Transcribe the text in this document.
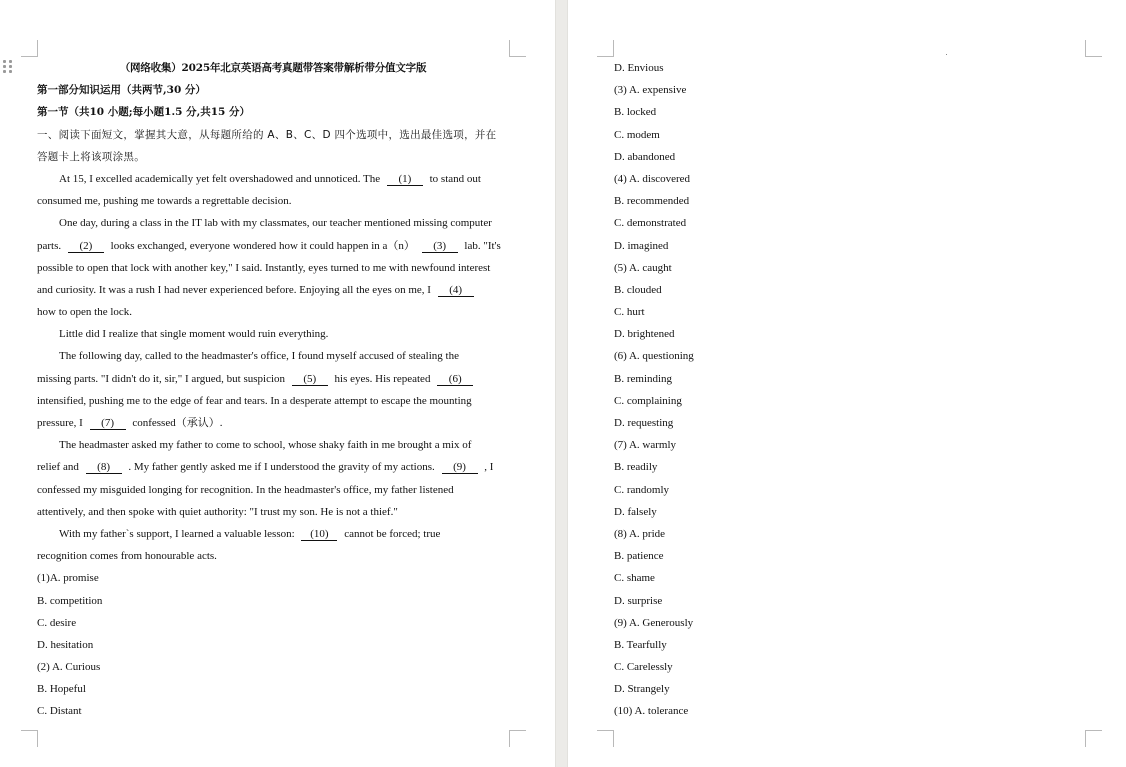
（网络收集）2025年北京英语高考真题带答案带解析带分值文字版
第一部分知识运用（共两节,30 分）
第一节（共10 小题;每小题1.5 分,共15 分）
一、阅读下面短文，掌握其大意，从每题所给的 A、B、C、D 四个选项中，选出最佳选项，并在
答题卡上将该项涂黑。
At 15, I excelled academically yet felt overshadowed and unnoticed. The (1) to stand out
consumed me, pushing me towards a regrettable decision.
One day, during a class in the IT lab with my classmates, our teacher mentioned missing computer
parts. (2) looks exchanged, everyone wondered how it could happen in a（n） (3) lab. "It's
possible to open that lock with another key," I said. Instantly, eyes turned to me with newfound interest
and curiosity. It was a rush I had never experienced before. Enjoying all the eyes on me, I (4)
how to open the lock.
Little did I realize that single moment would ruin everything.
The following day, called to the headmaster's office, I found myself accused of stealing the
missing parts. "I didn't do it, sir," I argued, but suspicion (5) his eyes. His repeated (6)
intensified, pushing me to the edge of fear and tears. In a desperate attempt to escape the mounting
pressure, I (7) confessed（承认）.
The headmaster asked my father to come to school, whose shaky faith in me brought a mix of
relief and (8) . My father gently asked me if I understood the gravity of my actions. (9) , I
confessed my misguided longing for recognition. In the headmaster's office, my father listened
attentively, and then spoke with quiet authority: "I trust my son. He is not a thief."
With my father`s support, I learned a valuable lesson: (10) cannot be forced; true
recognition comes from honourable acts.
(1)A. promise
B. competition
C. desire
D. hesitation
(2) A. Curious
B. Hopeful
C. Distant
D. Envious
(3) A. expensive
B. locked
C. modem
D. abandoned
(4) A. discovered
B. recommended
C. demonstrated
D. imagined
(5) A. caught
B. clouded
C. hurt
D. brightened
(6) A. questioning
B. reminding
C. complaining
D. requesting
(7) A. warmly
B. readily
C. randomly
D. falsely
(8) A. pride
B. patience
C. shame
D. surprise
(9) A. Generously
B. Tearfully
C. Carelessly
D. Strangely
(10) A. tolerance
